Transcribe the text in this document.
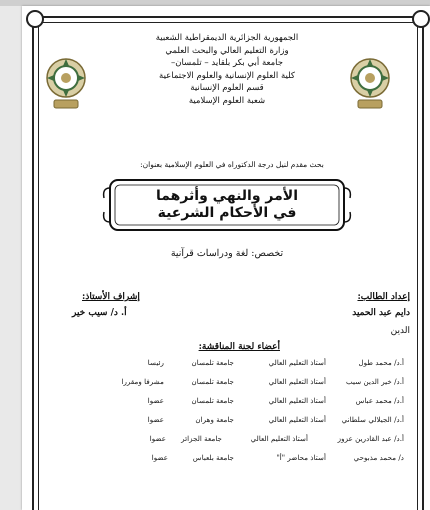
الجمهورية الجزائرية الديمقراطية الشعبية
وزارة التعليم العالي والبحث العلمي
جامعة أبي بكر بلقايد – تلمسان–
كلية العلوم الإنسانية والعلوم الاجتماعية
قسم العلوم الإنسانية
شعبة العلوم الإسلامية
بحث مقدم لنيل درجة الدكتوراه في العلوم الإسلامية بعنوان:
الأمر والنهي وأثرهما
في الأحكام الشرعية
تخصص: لغة ودراسات قرآنية
إعداد الطالب:
دايم عبد الحميد
الدين
إشراف الأستاذ:
أ. د/ سيب خير
أعضاء لجنة المناقشة:
أ.د/ محمد طول
أستاذ التعليم العالي
جامعة تلمسان
رئيسا
أ.د/ خير الدين سيب
أستاذ التعليم العالي
جامعة تلمسان
مشرفا ومقررا
أ.د/ محمد عباس
أستاذ التعليم العالي
جامعة تلمسان
عضوا
أ.د/ الجيلالي سلطاني
أستاذ التعليم العالي
جامعة وهران
عضوا
أ.د/ عبد القادرين عزوز
أستاذ التعليم العالي
جامعة الجزائر
عضوا
د/ محمد مذبوحي
أستاذ محاضر "أ"
جامعة بلعباس
عضوا
